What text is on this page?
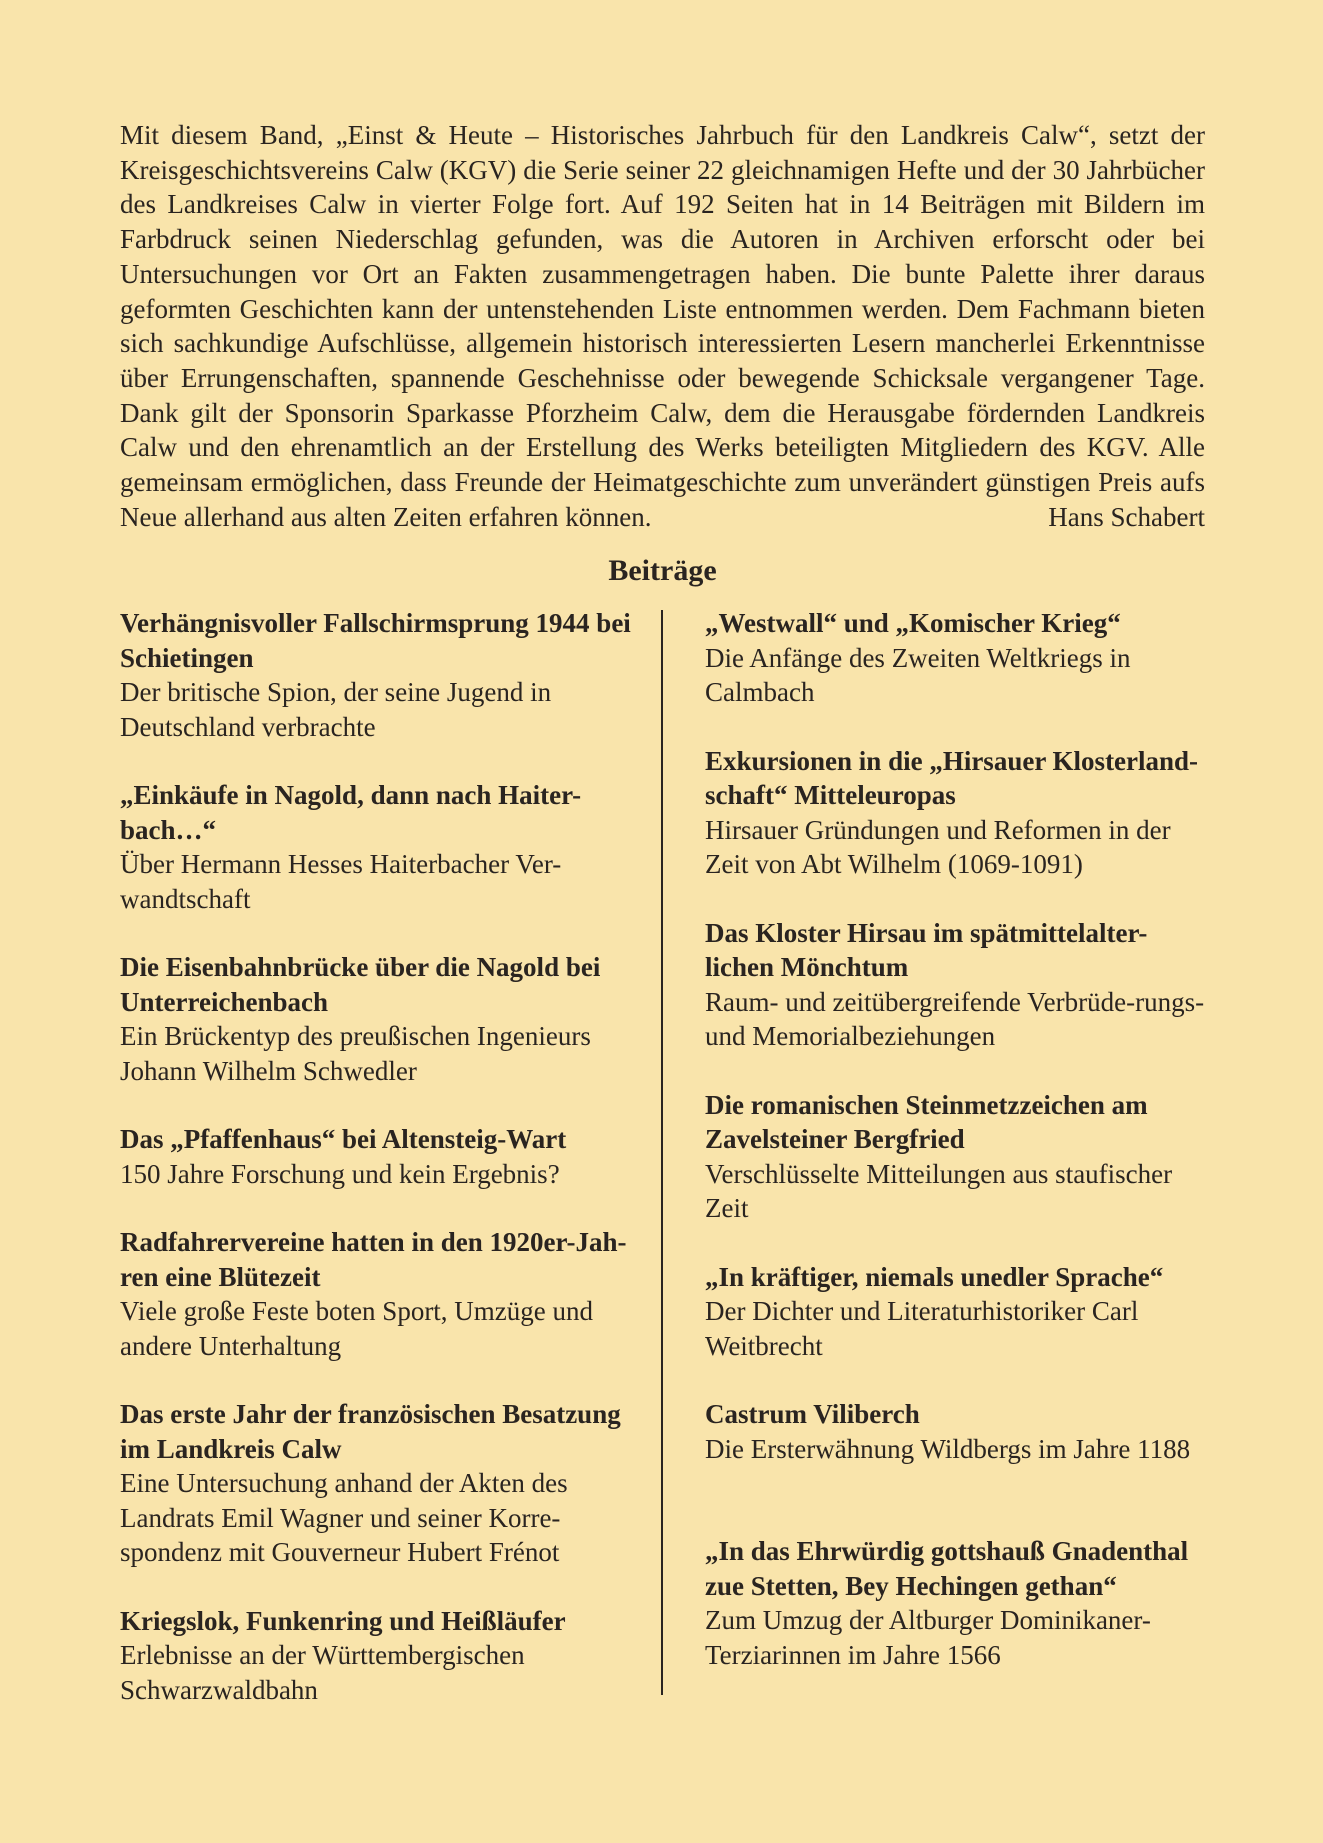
Mit diesem Band, „Einst & Heute – Historisches Jahrbuch für den Landkreis Calw“, setzt der Kreisgeschichtsvereins Calw (KGV) die Serie seiner 22 gleichnamigen Hefte und der 30 Jahrbücher des Landkreises Calw in vierter Folge fort. Auf 192 Seiten hat in 14 Beiträgen mit Bildern im Farbdruck seinen Niederschlag gefunden, was die Autoren in Archiven erforscht oder bei Untersuchungen vor Ort an Fakten zusammengetragen haben. Die bunte Palette ihrer daraus geformten Geschichten kann der untenstehenden Liste entnommen werden. Dem Fachmann bieten sich sachkundige Aufschlüsse, allgemein historisch interessierten Lesern mancherlei Erkenntnisse über Errungenschaften, spannende Geschehnisse oder bewegende Schicksale vergangener Tage. Dank gilt der Sponsorin Sparkasse Pforzheim Calw, dem die Herausgabe fördernden Landkreis Calw und den ehrenamtlich an der Erstellung des Werks beteiligten Mitgliedern des KGV. Alle gemeinsam ermöglichen, dass Freunde der Heimatgeschichte zum unverändert günstigen Preis aufs Neue allerhand aus alten Zeiten erfahren können.	Hans Schabert

Beiträge
Verhängnisvoller Fallschirmsprung 1944 bei Schietingen
Der britische Spion, der seine Jugend in Deutschland verbrachte
„Einkäufe in Nagold, dann nach Haiter-bach…“
Über Hermann Hesses Haiterbacher Ver-wandtschaft
Die Eisenbahnbrücke über die Nagold bei Unterreichenbach
Ein Brückentyp des preußischen Ingenieurs Johann Wilhelm Schwedler
Das „Pfaffenhaus“ bei Altensteig-Wart
150 Jahre Forschung und kein Ergebnis?
Radfahrervereine hatten in den 1920er-Jah-ren eine Blütezeit
Viele große Feste boten Sport, Umzüge und andere Unterhaltung
Das erste Jahr der französischen Besatzung im Landkreis Calw
Eine Untersuchung anhand der Akten des Landrats Emil Wagner und seiner Korre-spondenz mit Gouverneur Hubert Frénot
Kriegslok, Funkenring und Heißläufer
Erlebnisse an der Württembergischen Schwarzwaldbahn
„Westwall“ und „Komischer Krieg“
Die Anfänge des Zweiten Weltkriegs in Calmbach
Exkursionen in die „Hirsauer Klosterland-schaft“ Mitteleuropas
Hirsauer Gründungen und Reformen in der Zeit von Abt Wilhelm (1069-1091)
Das Kloster Hirsau im spätmittelalter-lichen Mönchtum
Raum- und zeitübergreifende Verbrüde-rungs- und Memorialbeziehungen
Die romanischen Steinmetzzeichen am Zavelsteiner Bergfried
Verschlüsselte Mitteilungen aus staufischer Zeit
„In kräftiger, niemals unedler Sprache“
Der Dichter und Literaturhistoriker Carl Weitbrecht
Castrum Viliberch
Die Ersterwähnung Wildbergs im Jahre 1188
„In das Ehrwürdig gottshauß Gnadenthal zue Stetten, Bey Hechingen gethan“
Zum Umzug der Altburger Dominikaner-Terziarinnen im Jahre 1566
